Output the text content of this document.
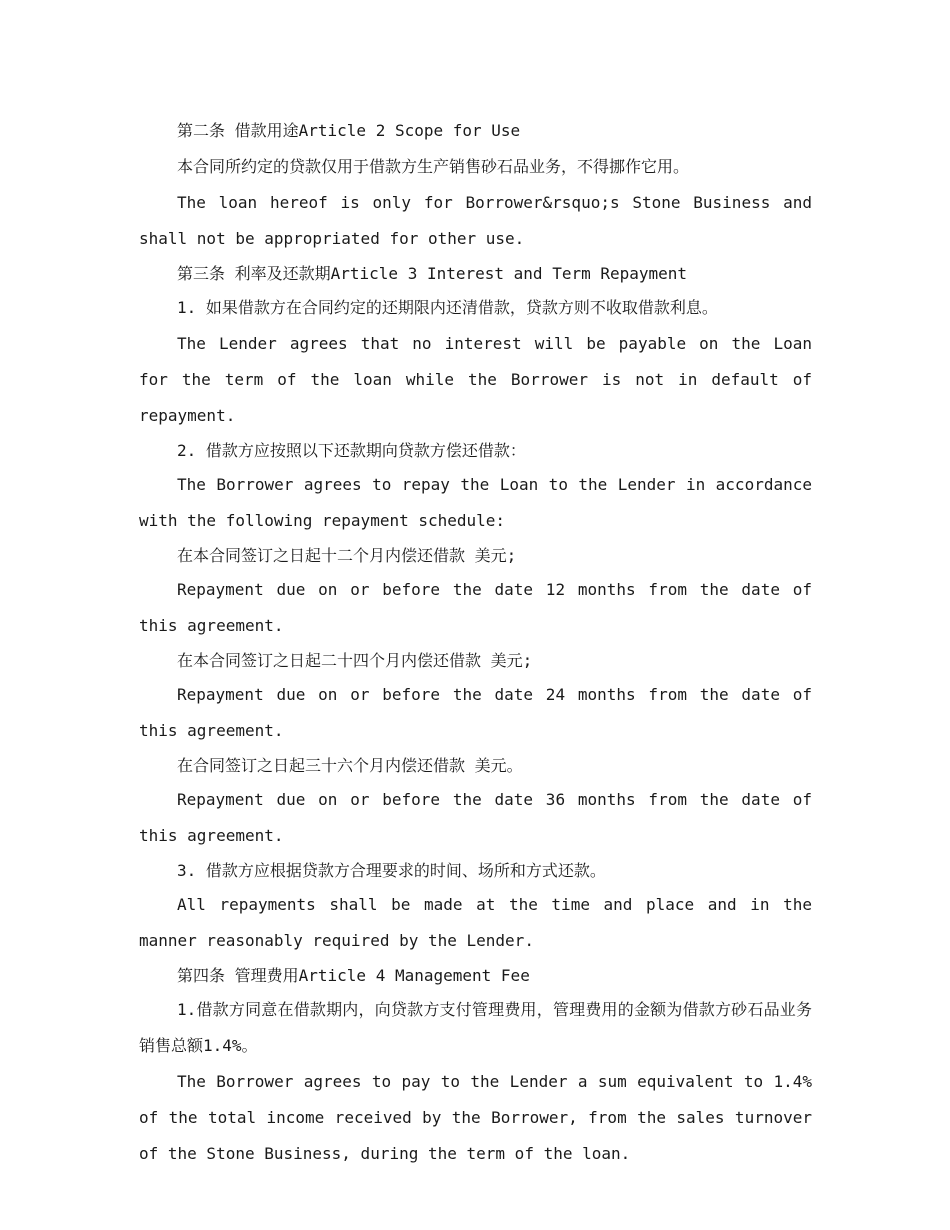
第二条 借款用途Article 2 Scope for Use

本合同所约定的贷款仅用于借款方生产销售砂石品业务，不得挪作它用。

The loan hereof is only for Borrower&rsquo;s Stone Business and shall not be appropriated for other use.

第三条 利率及还款期Article 3 Interest and Term Repayment

1. 如果借款方在合同约定的还期限内还清借款，贷款方则不收取借款利息。

The Lender agrees that no interest will be payable on the Loan for the term of the loan while the Borrower is not in default of repayment.

2. 借款方应按照以下还款期向贷款方偿还借款：

The Borrower agrees to repay the Loan to the Lender in accordance with the following repayment schedule:

在本合同签订之日起十二个月内偿还借款 美元;

Repayment due on or before the date 12 months from the date of this agreement.

在本合同签订之日起二十四个月内偿还借款 美元;

Repayment due on or before the date 24 months from the date of this agreement.

在合同签订之日起三十六个月内偿还借款 美元。

Repayment due on or before the date 36 months from the date of this agreement.

3. 借款方应根据贷款方合理要求的时间、场所和方式还款。

All repayments shall be made at the time and place and in the manner reasonably required by the Lender.

第四条 管理费用Article 4 Management Fee

1.借款方同意在借款期内，向贷款方支付管理费用，管理费用的金额为借款方砂石品业务销售总额1.4%。

The Borrower agrees to pay to the Lender a sum equivalent to 1.4% of the total income received by the Borrower, from the sales turnover of the Stone Business, during the term of the loan.
